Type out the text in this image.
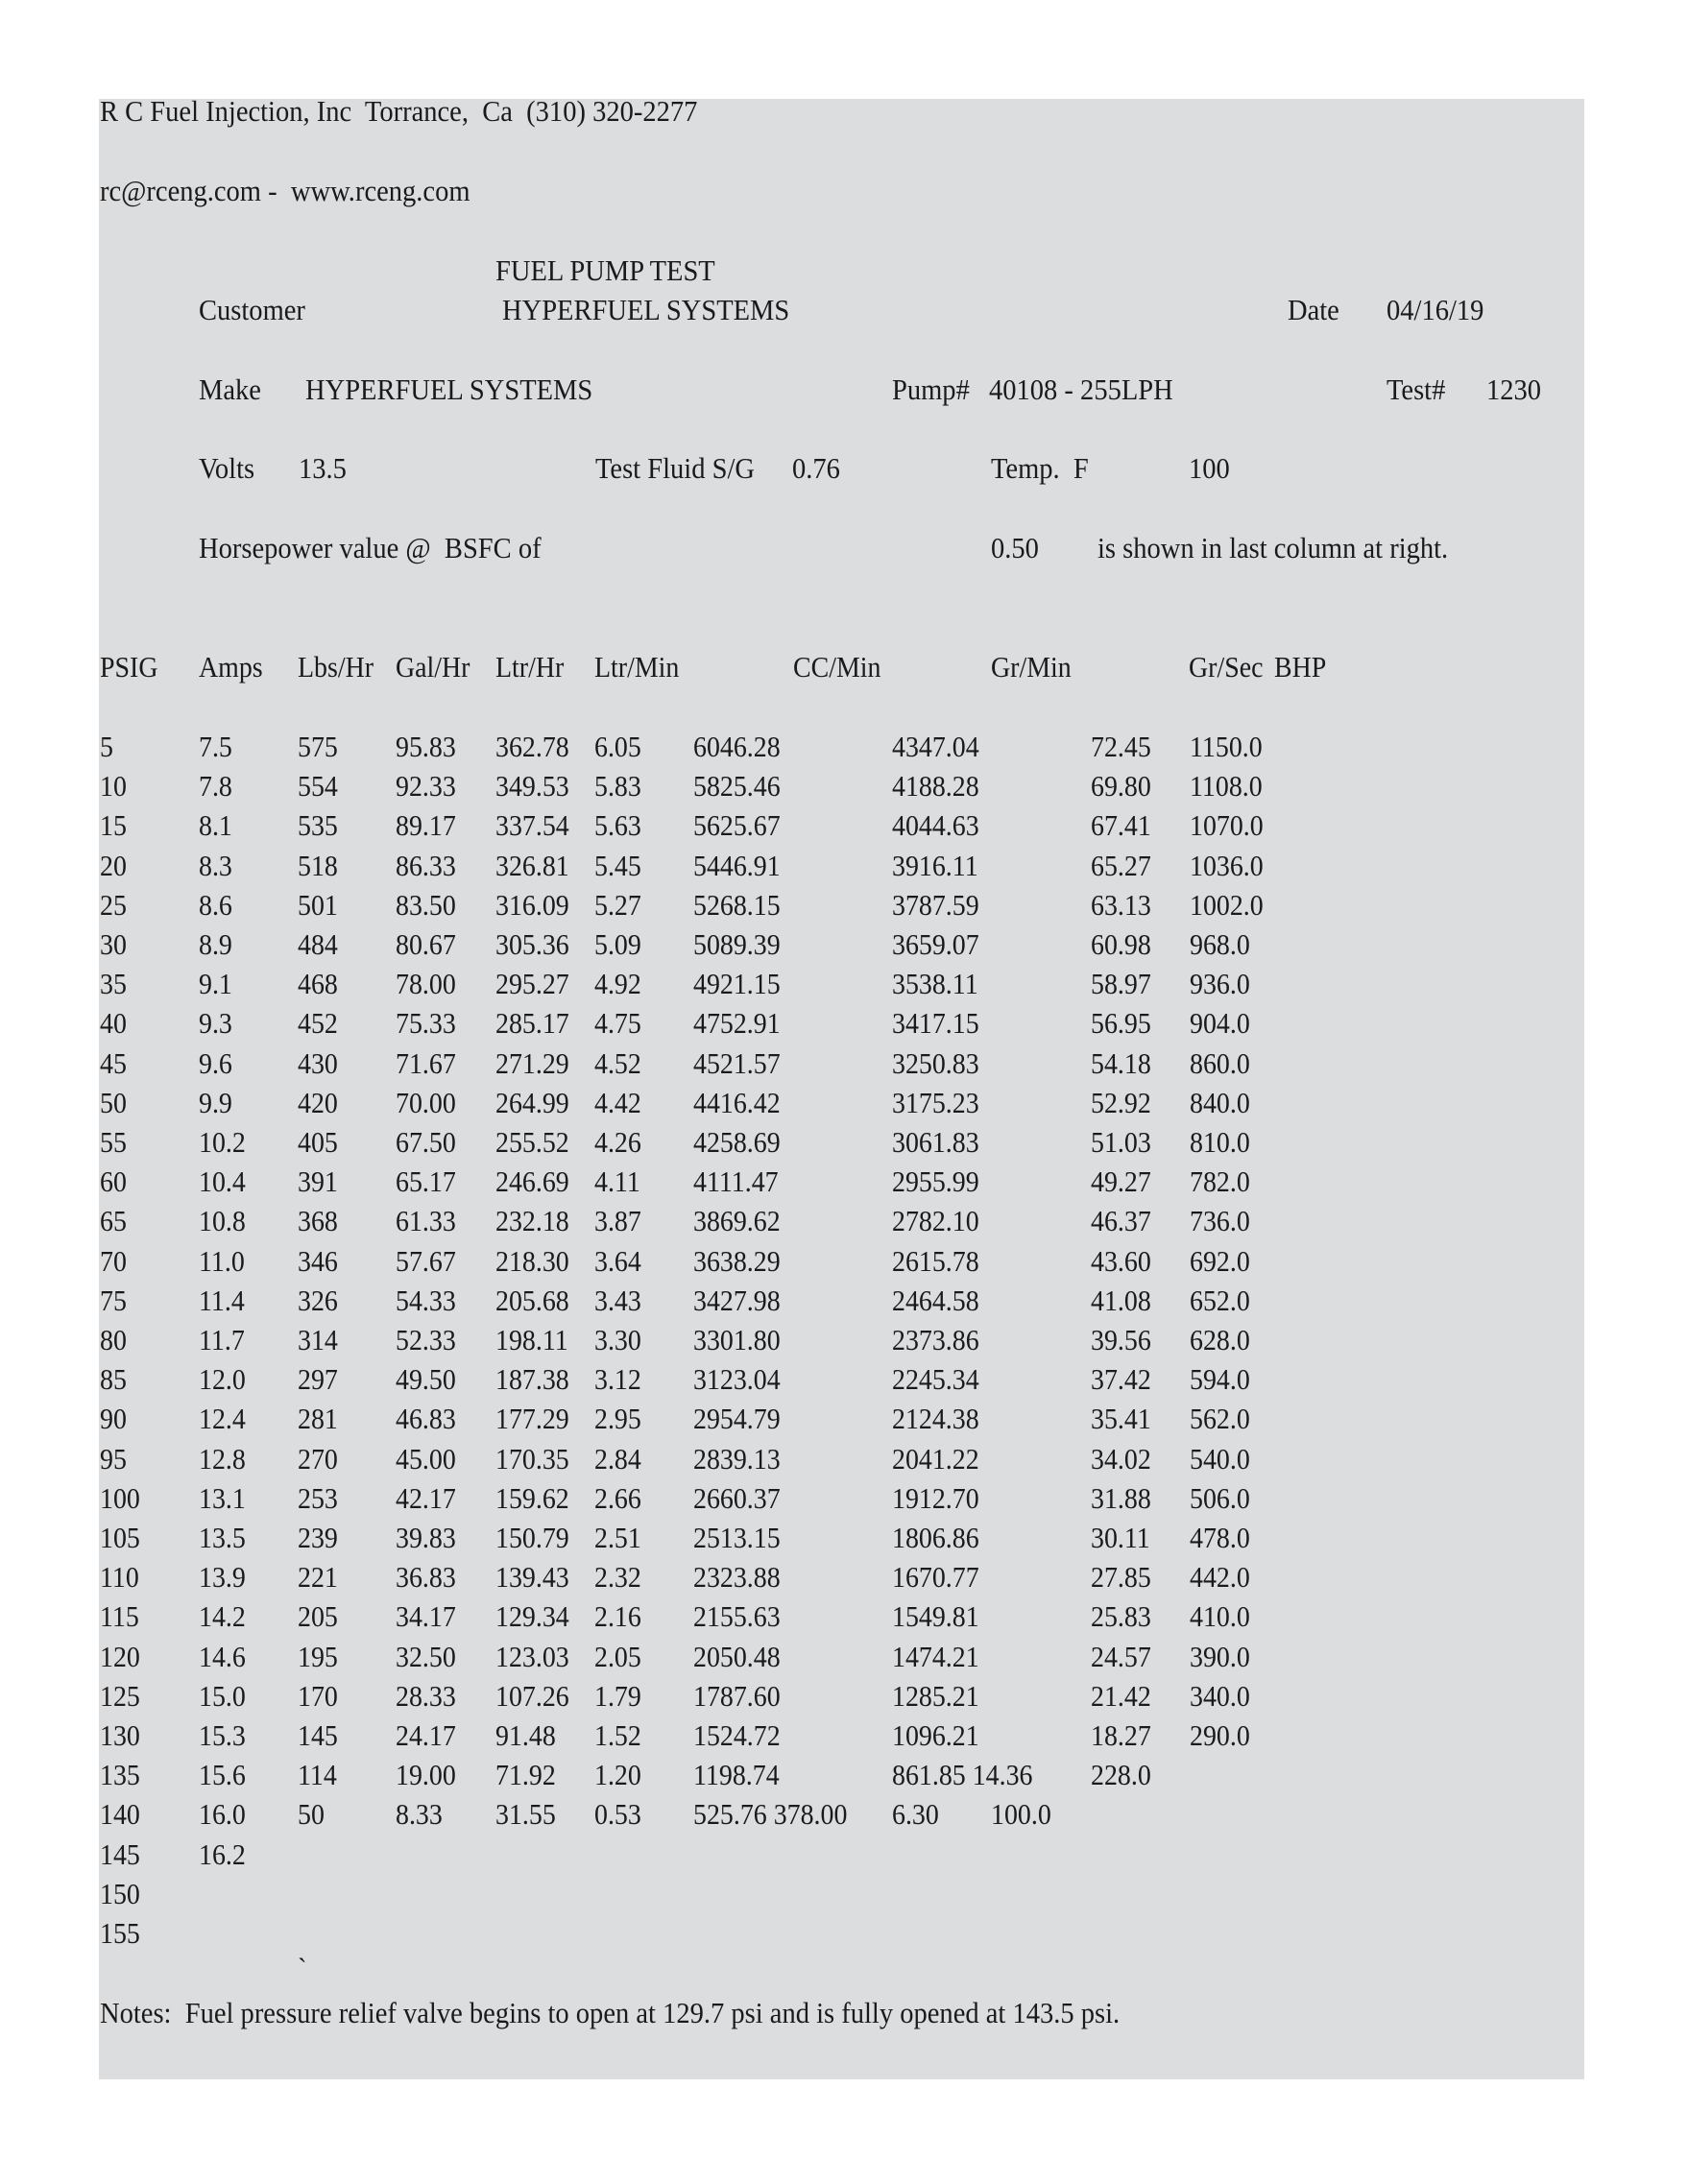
R C Fuel Injection, Inc  Torrance,  Ca  (310) 320-2277
rc@rceng.com -  www.rceng.com
FUEL PUMP TEST
Customer	HYPERFUEL SYSTEMS	Date 04/16/19
Make HYPERFUEL SYSTEMS	Pump# 40108 - 255LPH	Test# 1230
Volts 13.5	Test Fluid S/G 0.76	Temp.  F	100
Horsepower value @  BSFC of	0.50 is shown in last column at right.
PSIG Amps Lbs/Hr Gal/Hr Ltr/Hr Ltr/Min	CC/Min	Gr/Min	Gr/Sec BHP
5	7.5 575 95.83 362.78 6.05 6046.28	4347.04	72.45 1150.0
10 7.8 554 92.33 349.53 5.83 5825.46	4188.28	69.80 1108.0
15 8.1 535 89.17 337.54 5.63 5625.67	4044.63	67.41 1070.0
20 8.3 518 86.33 326.81 5.45 5446.91	3916.11	65.27 1036.0
25 8.6 501 83.50 316.09 5.27 5268.15	3787.59	63.13 1002.0
30 8.9 484 80.67 305.36 5.09 5089.39	3659.07	60.98 968.0
35 9.1 468 78.00 295.27 4.92 4921.15	3538.11	58.97 936.0
40 9.3 452 75.33 285.17 4.75 4752.91	3417.15	56.95 904.0
45 9.6 430 71.67 271.29 4.52 4521.57	3250.83	54.18 860.0
50 9.9 420 70.00 264.99 4.42 4416.42	3175.23	52.92 840.0
55 10.2 405 67.50 255.52 4.26 4258.69	3061.83	51.03 810.0
60 10.4 391 65.17 246.69 4.11 4111.47	2955.99	49.27 782.0
65 10.8 368 61.33 232.18 3.87 3869.62	2782.10	46.37 736.0
70 11.0 346 57.67 218.30 3.64 3638.29	2615.78	43.60 692.0
75 11.4 326 54.33 205.68 3.43 3427.98	2464.58	41.08 652.0
80 11.7 314 52.33 198.11 3.30 3301.80	2373.86	39.56 628.0
85 12.0 297 49.50 187.38 3.12 3123.04	2245.34	37.42 594.0
90 12.4 281 46.83 177.29 2.95 2954.79	2124.38	35.41 562.0
95 12.8 270 45.00 170.35 2.84 2839.13	2041.22	34.02 540.0
100 13.1 253 42.17 159.62 2.66 2660.37	1912.70	31.88 506.0
105 13.5 239 39.83 150.79 2.51 2513.15	1806.86	30.11 478.0
110 13.9 221 36.83 139.43 2.32 2323.88	1670.77	27.85 442.0
115 14.2 205 34.17 129.34 2.16 2155.63	1549.81	25.83 410.0
120 14.6 195 32.50 123.03 2.05 2050.48	1474.21	24.57 390.0
125 15.0 170 28.33 107.26 1.79 1787.60	1285.21	21.42 340.0
130 15.3 145 24.17 91.48 1.52 1524.72	1096.21	18.27 290.0
135 15.6 114 19.00 71.92 1.20 1198.74	861.85 14.36 228.0
140 16.0 50 8.33 31.55 0.53 525.76 378.00 6.30 100.0
145 16.2
150
155
`
Notes:  Fuel pressure relief valve begins to open at 129.7 psi and is fully opened at 143.5 psi.
